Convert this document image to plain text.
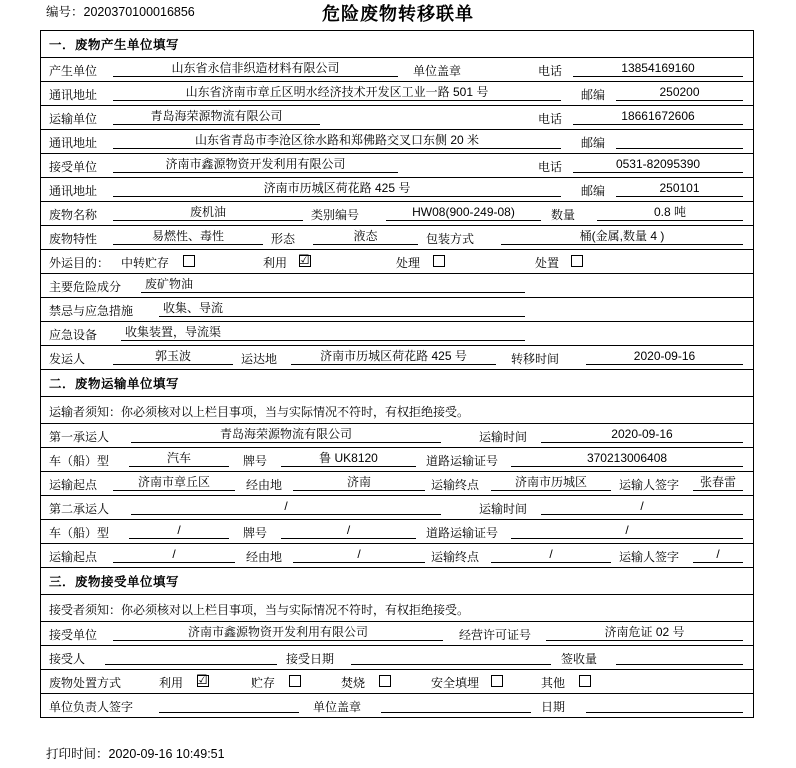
编号：2020370100016856	危险废物转移联单
一．废物产生单位填写

产生单位	山东省永信非织造材料有限公司	单位盖章	电话	13854169160

通讯地址	山东省济南市章丘区明水经济技术开发区工业一路 501 号	邮编	250200

运输单位	青岛海荣源物流有限公司	电话	18661672606

通讯地址	山东省青岛市李沧区徐水路和郑佛路交叉口东侧 20 米	邮编

接受单位	济南市鑫源物资开发利用有限公司	电话	0531-82095390

通讯地址	济南市历城区荷花路 425 号	邮编	250101

废物名称	废机油	类别编号	HW08(900-249-08)	数量	0.8 吨

废物特性	易燃性、毒性	形态	液态	包装方式	桶(金属,数量 4 )

外运目的： 中转贮存	利用 ☑	处理	处置

主要危险成分	废矿物油

禁忌与应急措施	收集、导流

应急设备	收集装置，导流渠

发运人	郭玉波	运达地	济南市历城区荷花路 425 号	转移时间	2020-09-16

二．废物运输单位填写

运输者须知：你必须核对以上栏目事项，当与实际情况不符时，有权拒绝接受。

第一承运人	青岛海荣源物流有限公司	运输时间	2020-09-16

车（船）型	汽车	牌号	鲁 UK8120	道路运输证号	370213006408

运输起点	济南市章丘区	经由地	济南	运输终点	济南市历城区	运输人签字	张春雷

第二承运人	/	运输时间	/

车（船）型	/	牌号	/	道路运输证号	/

运输起点	/	经由地	/	运输终点	/	运输人签字	/

三．废物接受单位填写

接受者须知：你必须核对以上栏目事项，当与实际情况不符时，有权拒绝接受。

接受单位	济南市鑫源物资开发利用有限公司	经营许可证号	济南危证 02 号

接受人	接受日期	签收量

废物处置方式	利用 ☑	贮存	焚烧	安全填埋	其他

单位负责人签字	单位盖章	日期
打印时间：2020-09-16 10:49:51
